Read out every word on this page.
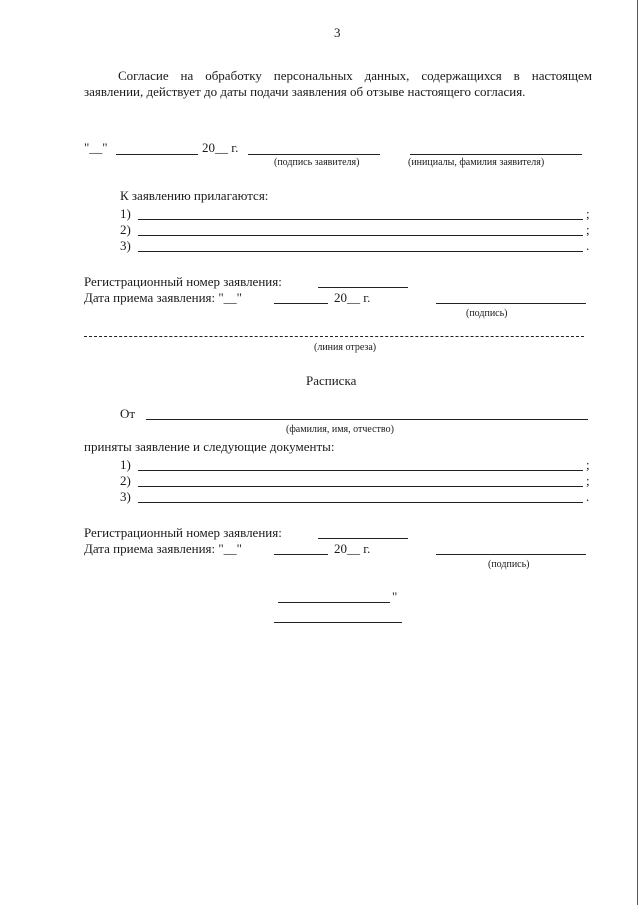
3
Согласие на обработку персональных данных, содержащихся в настоящем заявлении, действует до даты подачи заявления об отзыве настоящего согласия.
"__"	20__ г.
(подпись заявителя)	(инициалы, фамилия заявителя)
К заявлению прилагаются:
1)	;
2)	;
3)	.
Регистрационный номер заявления:
Дата приема заявления: "__"	20__ г.
(подпись)
(линия отреза)
Расписка
От
(фамилия, имя, отчество)
приняты заявление и следующие документы:
1)	;
2)	;
3)	.
Регистрационный номер заявления:
Дата приема заявления: "__"	20__ г.
(подпись)
"
